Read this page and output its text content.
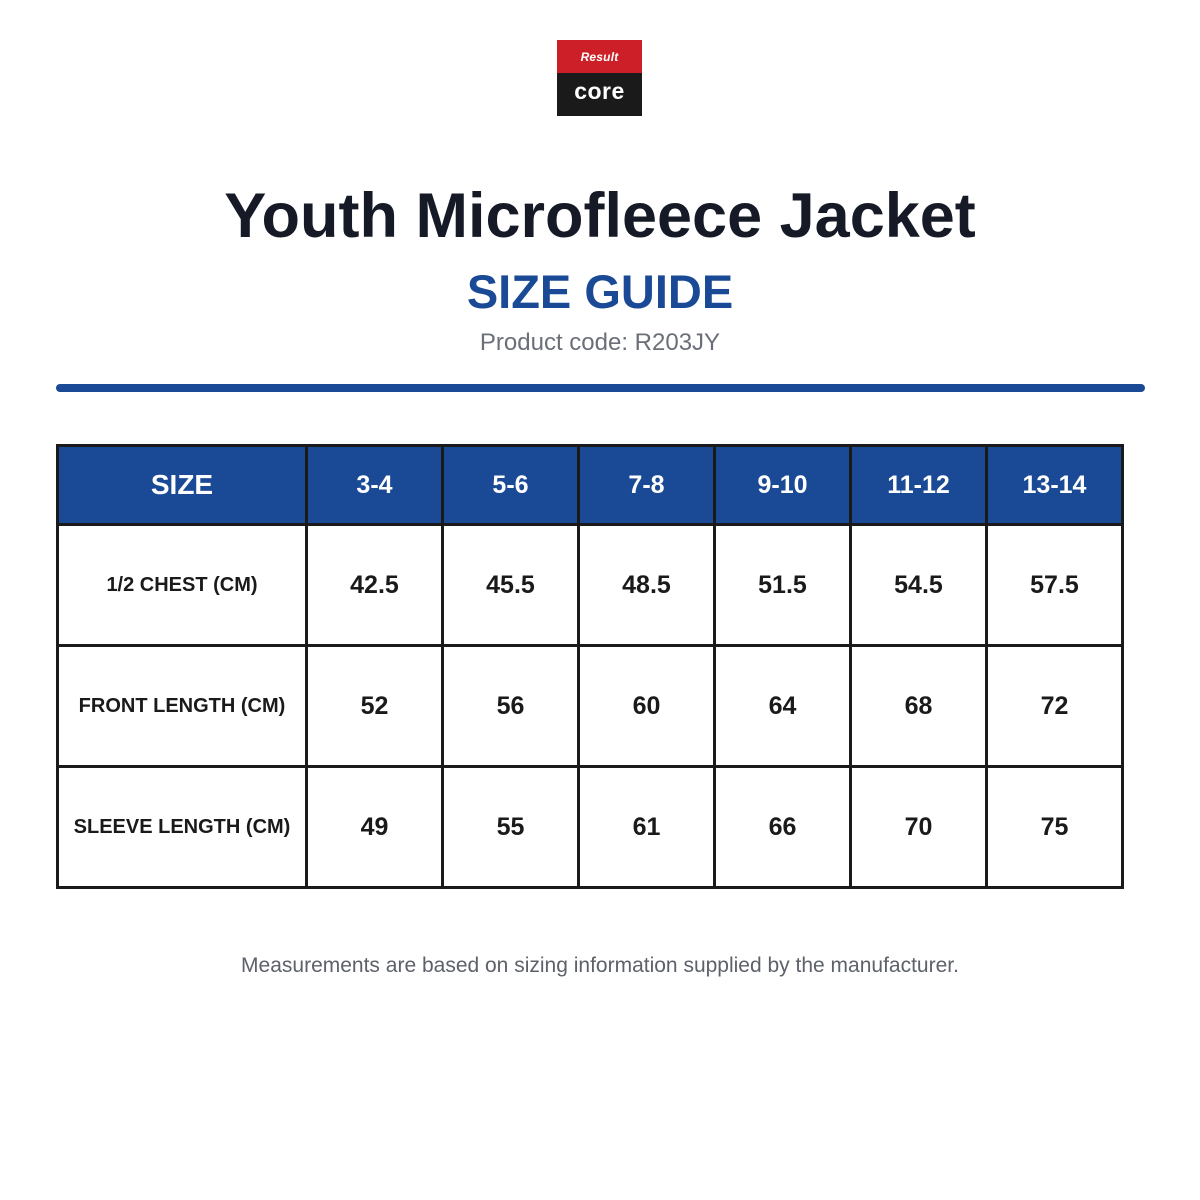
Result
core
Youth Microfleece Jacket
SIZE GUIDE
Product code: R203JY
SIZE	3-4	5-6	7-8	9-10	11-12	13-14
1/2 CHEST (CM)	42.5	45.5	48.5	51.5	54.5	57.5
FRONT LENGTH (CM)	52	56	60	64	68	72
SLEEVE LENGTH (CM)	49	55	61	66	70	75
Measurements are based on sizing information supplied by the manufacturer.
